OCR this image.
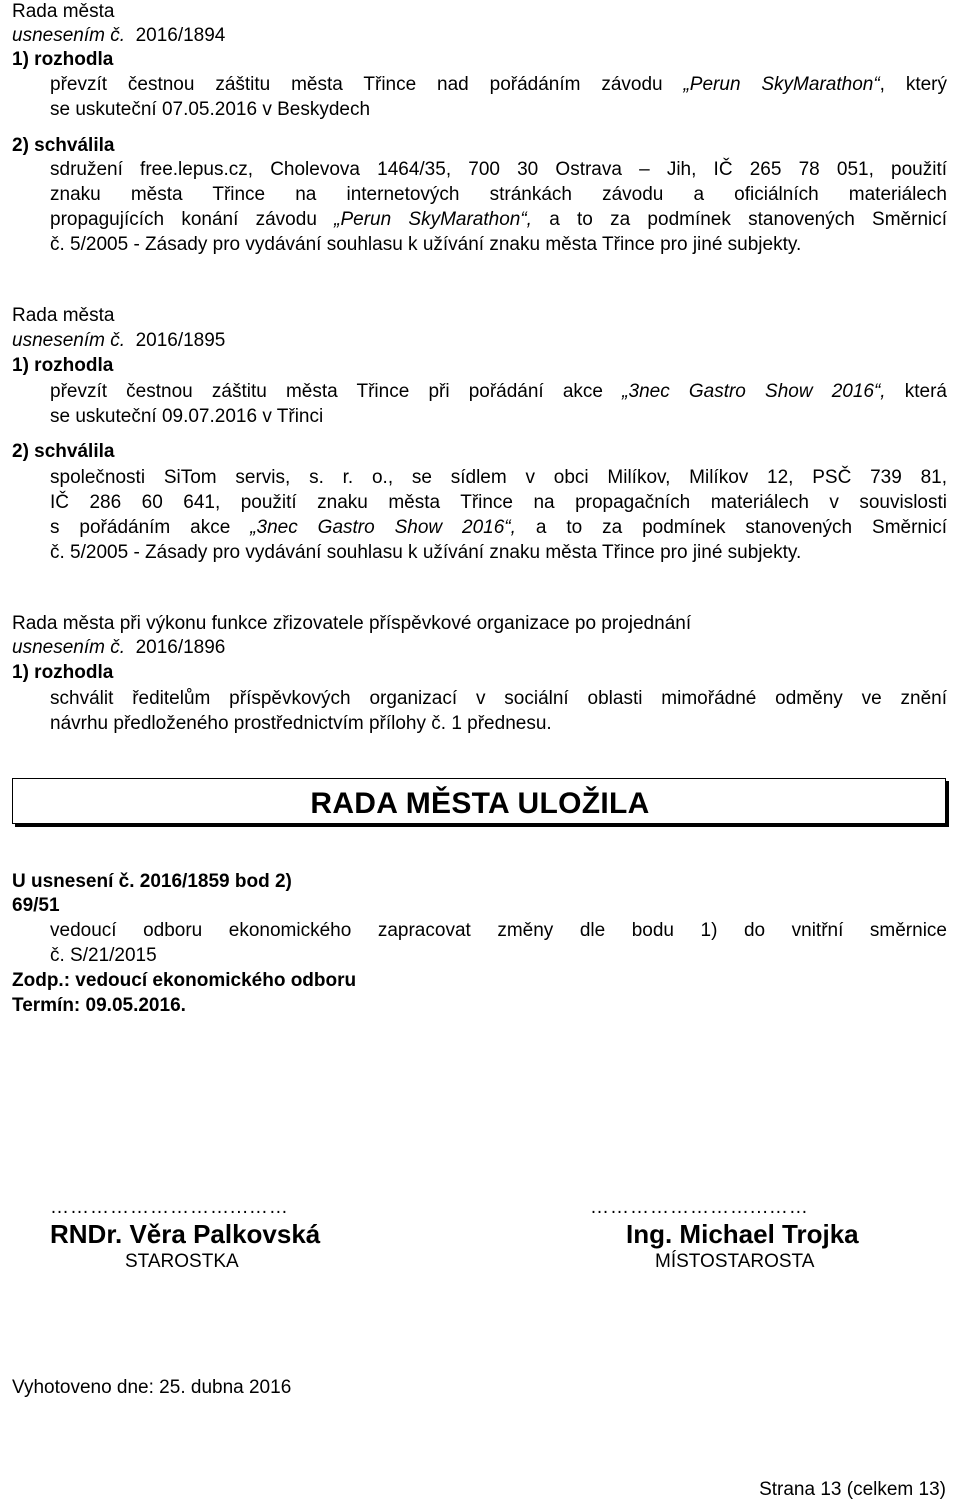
Rada města
usnesením č. 2016/1894
1) rozhodla
převzít čestnou záštitu města Třince nad pořádáním závodu „Perun SkyMarathon“, který
se uskuteční 07.05.2016 v Beskydech
2) schválila
sdružení free.lepus.cz, Cholevova 1464/35, 700 30 Ostrava – Jih, IČ 265 78 051, použití
znaku města Třince na internetových stránkách závodu a oficiálních materiálech
propagujících konání závodu „Perun SkyMarathon“, a to za podmínek stanovených Směrnicí
č. 5/2005 - Zásady pro vydávání souhlasu k užívání znaku města Třince pro jiné subjekty.
Rada města
usnesením č. 2016/1895
1) rozhodla
převzít čestnou záštitu města Třince při pořádání akce „3nec Gastro Show 2016“, která
se uskuteční 09.07.2016 v Třinci
2) schválila
společnosti SiTom servis, s. r. o., se sídlem v obci Milíkov, Milíkov 12, PSČ 739 81,
IČ 286 60 641, použití znaku města Třince na propagačních materiálech v souvislosti
s pořádáním akce „3nec Gastro Show 2016“, a to za podmínek stanovených Směrnicí
č. 5/2005 - Zásady pro vydávání souhlasu k užívání znaku města Třince pro jiné subjekty.
Rada města při výkonu funkce zřizovatele příspěvkové organizace po projednání
usnesením č. 2016/1896
1) rozhodla
schválit ředitelům příspěvkových organizací v sociální oblasti mimořádné odměny ve znění
návrhu předloženého prostřednictvím přílohy č. 1 přednesu.
RADA MĚSTA ULOŽILA
U usnesení č. 2016/1859 bod 2)
69/51
vedoucí odboru ekonomického zapracovat změny dle bodu 1) do vnitřní směrnice
č. S/21/2015
Zodp.: vedoucí ekonomického odboru
Termín: 09.05.2016.
………………………...……	……………………...……
RNDr. Věra Palkovská	Ing. Michael Trojka
STAROSTKA	MÍSTOSTAROSTA
Vyhotoveno dne: 25. dubna 2016
Strana 13 (celkem 13)
